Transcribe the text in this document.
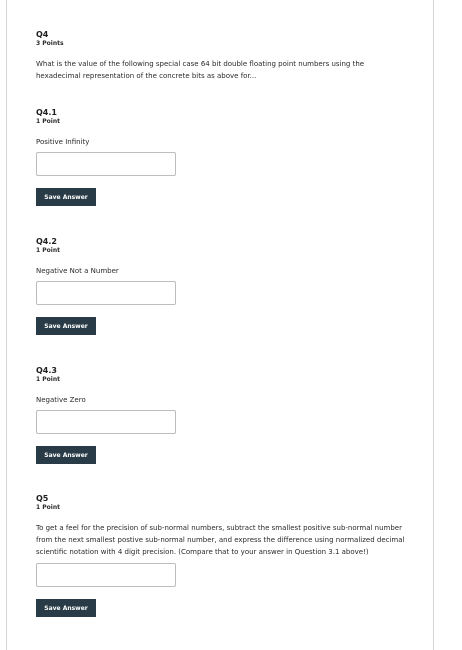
Q4
3 Points
What is the value of the following special case 64 bit double floating point numbers using the hexadecimal representation of the concrete bits as above for...
Q4.1
1 Point
Positive Infinity
Save Answer
Q4.2
1 Point
Negative Not a Number
Save Answer
Q4.3
1 Point
Negative Zero
Save Answer
Q5
1 Point
To get a feel for the precision of sub-normal numbers, subtract the smallest positive sub-normal number from the next smallest postive sub-normal number, and express the difference using normalized decimal scientific notation with 4 digit precision. (Compare that to your answer in Question 3.1 above!)
Save Answer
